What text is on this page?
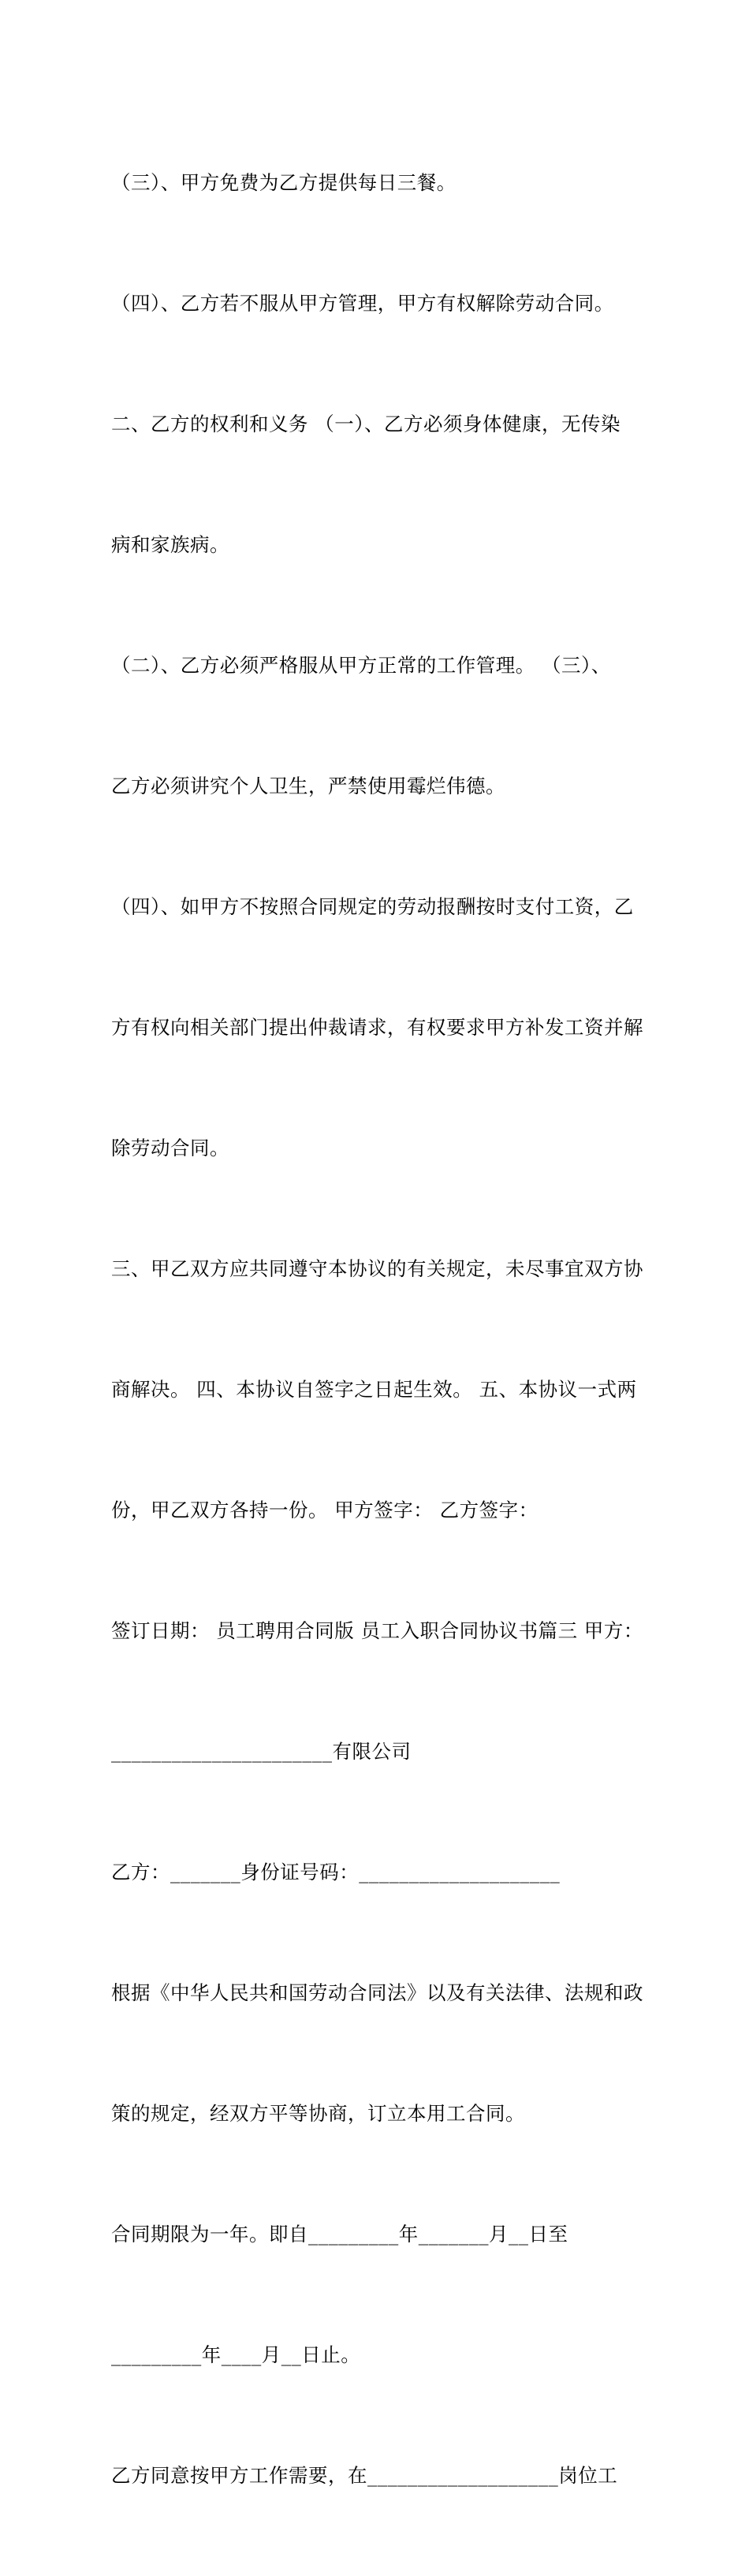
（三）、甲方免费为乙方提供每日三餐。

（四）、乙方若不服从甲方管理，甲方有权解除劳动合同。

二、乙方的权利和义务 （一）、乙方必须身体健康，无传染

病和家族病。

（二）、乙方必须严格服从甲方正常的工作管理。 （三）、

乙方必须讲究个人卫生，严禁使用霉烂伟德。

（四）、如甲方不按照合同规定的劳动报酬按时支付工资，乙

方有权向相关部门提出仲裁请求，有权要求甲方补发工资并解

除劳动合同。

三、甲乙双方应共同遵守本协议的有关规定，未尽事宜双方协

商解决。 四、本协议自签字之日起生效。 五、本协议一式两

份，甲乙双方各持一份。 甲方签字： 乙方签字：

签订日期： 员工聘用合同版 员工入职合同协议书篇三 甲方：

______________________有限公司

乙方：_______身份证号码：____________________

根据《中华人民共和国劳动合同法》以及有关法律、法规和政

策的规定，经双方平等协商，订立本用工合同。

合同期限为一年。即自_________年_______月__日至

_________年____月__日止。

乙方同意按甲方工作需要，在___________________岗位工
